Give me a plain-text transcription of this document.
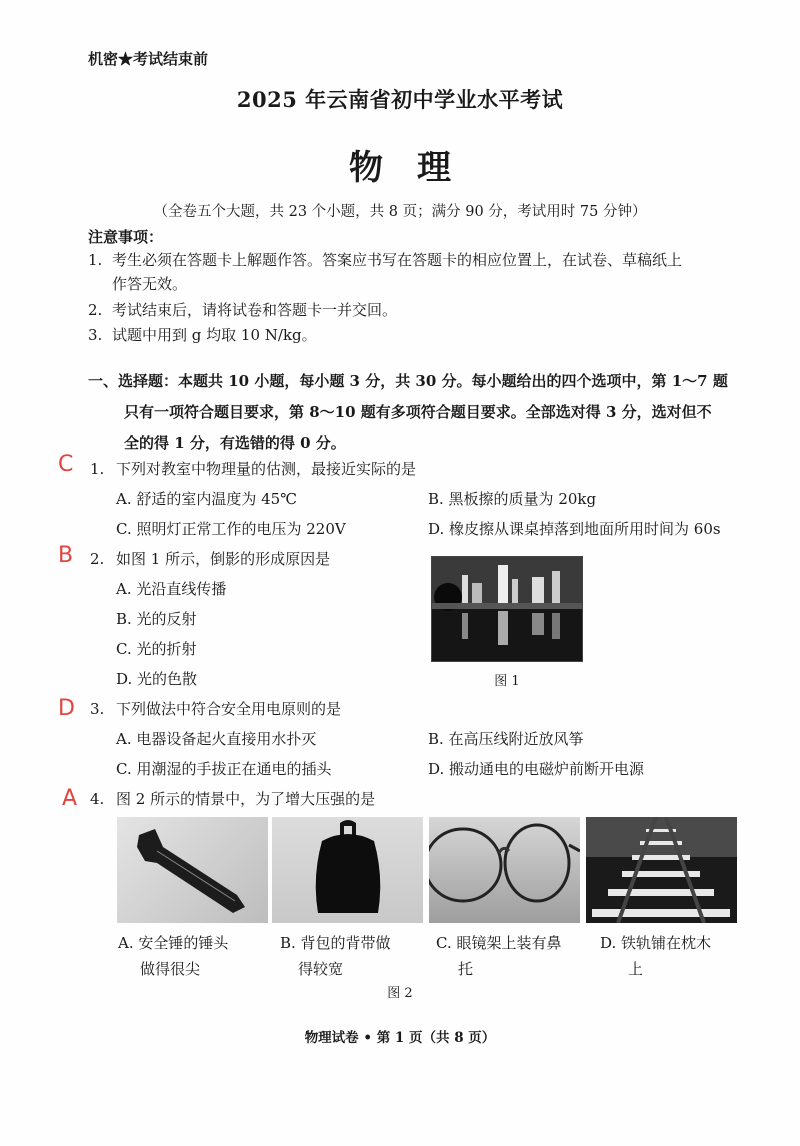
机密★考试结束前
2025 年云南省初中学业水平考试
物理
（全卷五个大题，共 23 个小题，共 8 页；满分 90 分，考试用时 75 分钟）
注意事项：
1. 考生必须在答题卡上解题作答。答案应书写在答题卡的相应位置上，在试卷、草稿纸上
作答无效。
2. 考试结束后，请将试卷和答题卡一并交回。
3. 试题中用到 g 均取 10 N/kg。
一、选择题：本题共 10 小题，每小题 3 分，共 30 分。每小题给出的四个选项中，第 1～7 题
只有一项符合题目要求，第 8～10 题有多项符合题目要求。全部选对得 3 分，选对但不
全的得 1 分，有选错的得 0 分。
C 1. 下列对教室中物理量的估测，最接近实际的是
A. 舒适的室内温度为 45℃	B. 黑板擦的质量为 20kg
C. 照明灯正常工作的电压为 220V	D. 橡皮擦从课桌掉落到地面所用时间为 60s
B 2. 如图 1 所示，倒影的形成原因是
A. 光沿直线传播
B. 光的反射
C. 光的折射
D. 光的色散	图 1
D 3. 下列做法中符合安全用电原则的是
A. 电器设备起火直接用水扑灭	B. 在高压线附近放风筝
C. 用潮湿的手拔正在通电的插头	D. 搬动通电的电磁炉前断开电源
A 4. 图 2 所示的情景中，为了增大压强的是
A. 安全锤的锤头
做得很尖
B. 背包的背带做
得较宽
C. 眼镜架上装有鼻
托
D. 铁轨铺在枕木
上
图 2
物理试卷 • 第 1 页（共 8 页）
